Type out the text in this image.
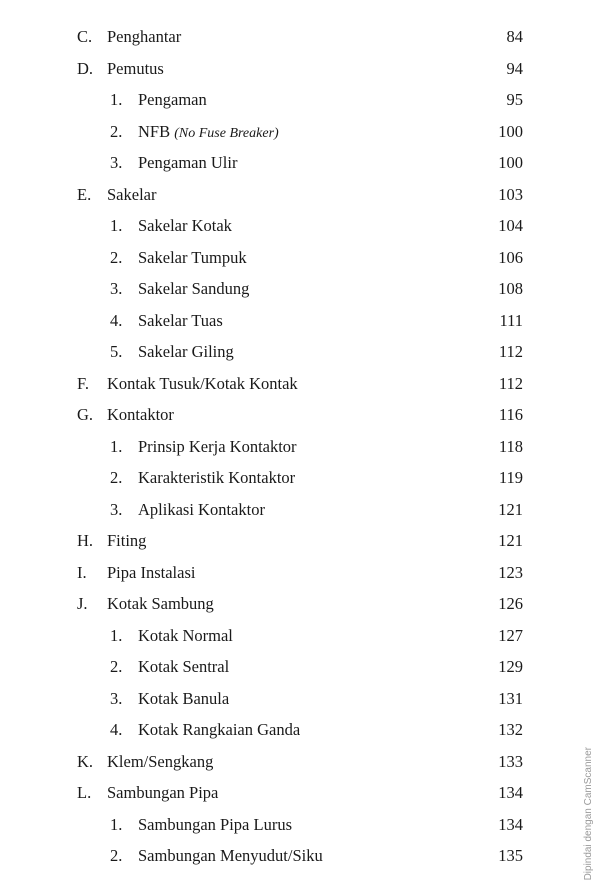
C. Penghantar	84
D. Pemutus	94
1. Pengaman	95
2. NFB (No Fuse Breaker)	100
3. Pengaman Ulir	100
E. Sakelar	103
1. Sakelar Kotak	104
2. Sakelar Tumpuk	106
3. Sakelar Sandung	108
4. Sakelar Tuas	111
5. Sakelar Giling	112
F. Kontak Tusuk/Kotak Kontak	112
G. Kontaktor	116
1. Prinsip Kerja Kontaktor	118
2. Karakteristik Kontaktor	119
3. Aplikasi Kontaktor	121
H. Fiting	121
I. Pipa Instalasi	123
J. Kotak Sambung	126
1. Kotak Normal	127
2. Kotak Sentral	129
3. Kotak Banula	131
4. Kotak Rangkaian Ganda	132
K. Klem/Sengkang	133
L. Sambungan Pipa	134
1. Sambungan Pipa Lurus	134
2. Sambungan Menyudut/Siku	135	Dipindai dengan CamScanner
